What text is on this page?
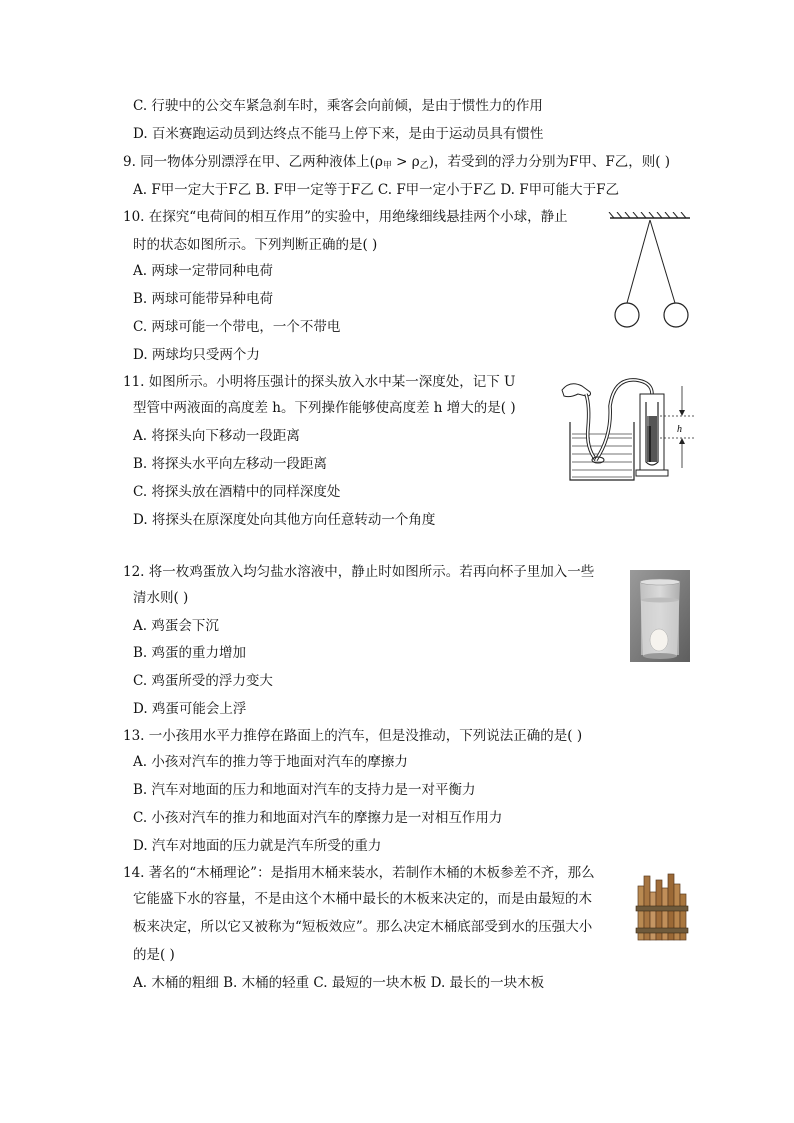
C. 行驶中的公交车紧急刹车时，乘客会向前倾，是由于惯性力的作用
D. 百米赛跑运动员到达终点不能马上停下来，是由于运动员具有惯性
9. 同一物体分别漂浮在甲、乙两种液体上$(\rho_甲 > \rho_乙)$，若受到的浮力分别为F甲、F乙，则( )
A. F甲一定大于F乙 B. F甲一定等于F乙 C. F甲一定小于F乙 D. F甲可能大于F乙
10. 在探究“电荷间的相互作用”的实验中，用绝缘细线悬挂两个小球，静止
时的状态如图所示。下列判断正确的是( )
A. 两球一定带同种电荷
B. 两球可能带异种电荷
C. 两球可能一个带电，一个不带电
D. 两球均只受两个力
11. 如图所示。小明将压强计的探头放入水中某一深度处，记下 U
型管中两液面的高度差 h。下列操作能够使高度差 h 增大的是( )
A. 将探头向下移动一段距离
B. 将探头水平向左移动一段距离
C. 将探头放在酒精中的同样深度处
D. 将探头在原深度处向其他方向任意转动一个角度
h
12. 将一枚鸡蛋放入均匀盐水溶液中，静止时如图所示。若再向杯子里加入一些
清水则( )
A. 鸡蛋会下沉
B. 鸡蛋的重力增加
C. 鸡蛋所受的浮力变大
D. 鸡蛋可能会上浮
13. 一小孩用水平力推停在路面上的汽车，但是没推动，下列说法正确的是( )
A. 小孩对汽车的推力等于地面对汽车的摩擦力
B. 汽车对地面的压力和地面对汽车的支持力是一对平衡力
C. 小孩对汽车的推力和地面对汽车的摩擦力是一对相互作用力
D. 汽车对地面的压力就是汽车所受的重力
14. 著名的“木桶理论”：是指用木桶来装水，若制作木桶的木板参差不齐，那么
它能盛下水的容量，不是由这个木桶中最长的木板来决定的，而是由最短的木
板来决定，所以它又被称为“短板效应”。那么决定木桶底部受到水的压强大小
的是( )
A. 木桶的粗细 B. 木桶的轻重 C. 最短的一块木板 D. 最长的一块木板
